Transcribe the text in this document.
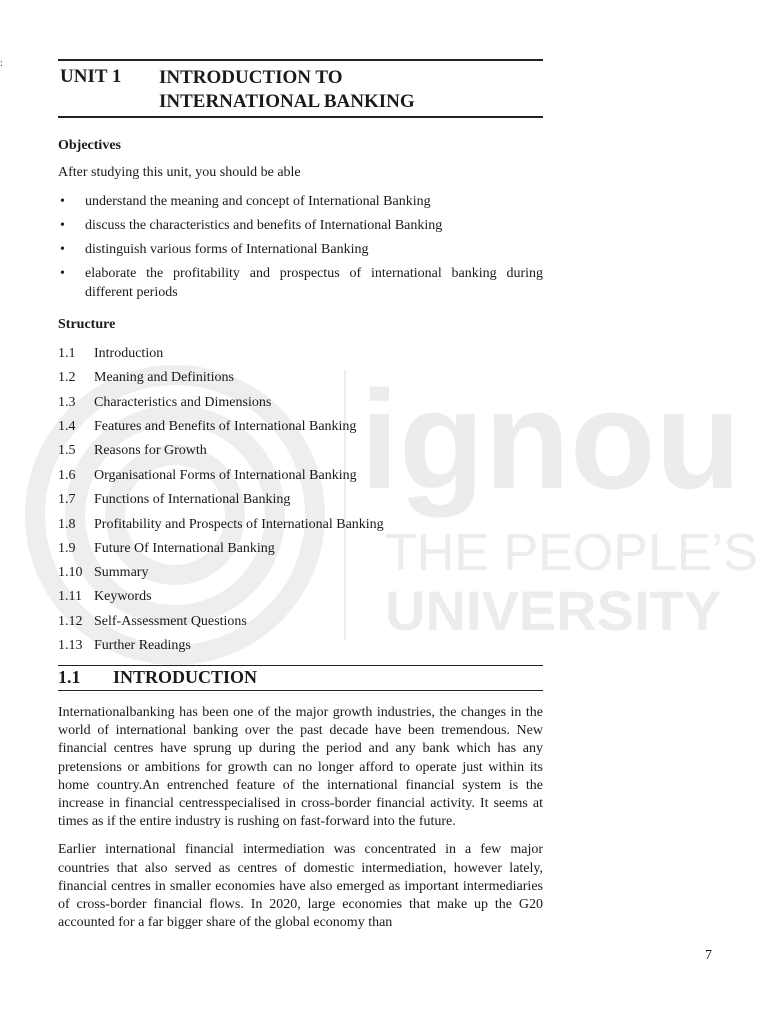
ignou
THE PEOPLE’S
UNIVERSITY
:
UNIT 1 INTRODUCTION TO
INTERNATIONAL BANKING

Objectives

After studying this unit, you should be able

• understand the meaning and concept of International Banking
• discuss the characteristics and benefits of International Banking
• distinguish various forms of International Banking
• elaborate the profitability and prospectus of international banking during different periods

Structure

1.1	Introduction
1.2	Meaning and Definitions
1.3	Characteristics and Dimensions
1.4	Features and Benefits of International Banking
1.5	Reasons for Growth
1.6	Organisational Forms of International Banking
1.7	Functions of International Banking
1.8	Profitability and Prospects of International Banking
1.9	Future Of International Banking
1.10 Summary
1.11 Keywords
1.12 Self-Assessment Questions
1.13 Further Readings
1.1 INTRODUCTION

Internationalbanking has been one of the major growth industries, the changes in the world of international banking over the past decade have been tremendous. New financial centres have sprung up during the period and any bank which has any pretensions or ambitions for growth can no longer afford to operate just within its home country.An entrenched feature of the international financial system is the increase in financial centresspecialised in cross-border financial activity. It seems at times as if the entire industry is rushing on fast-forward into the future.

Earlier international financial intermediation was concentrated in a few major countries that also served as centres of domestic intermediation, however lately, financial centres in smaller economies have also emerged as important intermediaries of cross-border financial flows. In 2020, large economies that make up the G20 accounted for a far bigger share of the global economy than

7
